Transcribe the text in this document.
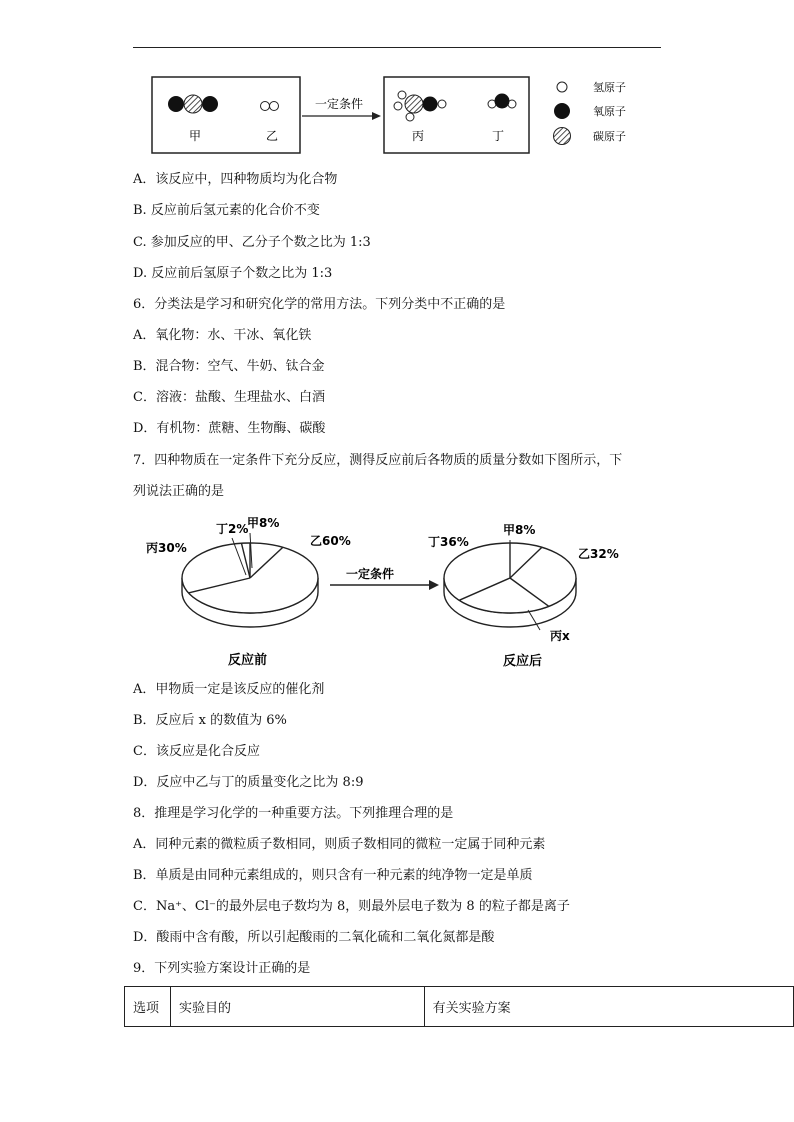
甲	乙
一定条件
丙	丁
氢原子
氧原子
碳原子
A．该反应中，四种物质均为化合物
B. 反应前后氢元素的化合价不变
C. 参加反应的甲、乙分子个数之比为 1:3
D. 反应前后氢原子个数之比为 1:3
6．分类法是学习和研究化学的常用方法。下列分类中不正确的是
A．氧化物：水、干冰、氧化铁
B．混合物：空气、牛奶、钛合金
C．溶液：盐酸、生理盐水、白酒
D．有机物：蔗糖、生物酶、碳酸
7．四种物质在一定条件下充分反应，测得反应前后各物质的质量分数如下图所示，下
列说法正确的是
甲8%
乙60%
丙30%
丁2%
反应前
甲8%
乙32%
丙x
丁36%
反应后
一定条件
A．甲物质一定是该反应的催化剂
B．反应后 x 的数值为 6%
C．该反应是化合反应
D．反应中乙与丁的质量变化之比为 8:9
8．推理是学习化学的一种重要方法。下列推理合理的是
A．同种元素的微粒质子数相同，则质子数相同的微粒一定属于同种元素
B．单质是由同种元素组成的，则只含有一种元素的纯净物一定是单质
C．Na⁺、Cl⁻的最外层电子数均为 8，则最外层电子数为 8 的粒子都是离子
D．酸雨中含有酸，所以引起酸雨的二氧化硫和二氧化氮都是酸
9．下列实验方案设计正确的是
选项	实验目的	有关实验方案
